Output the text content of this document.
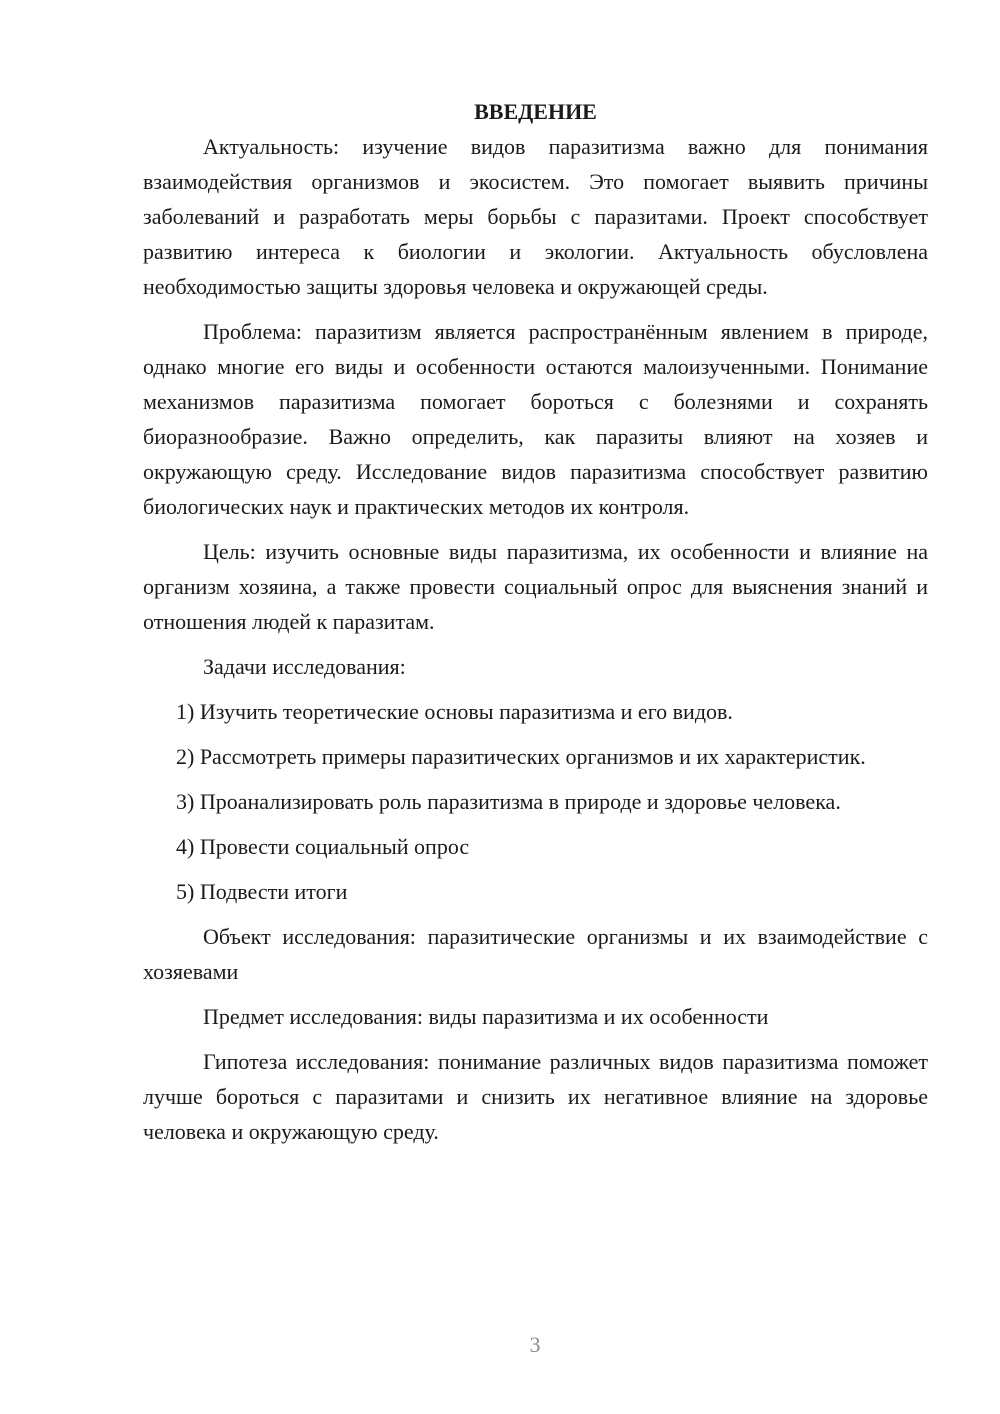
ВВЕДЕНИЕ

Актуальность: изучение видов паразитизма важно для понимания взаимодействия организмов и экосистем. Это помогает выявить причины заболеваний и разработать меры борьбы с паразитами. Проект способствует развитию интереса к биологии и экологии. Актуальность обусловлена необходимостью защиты здоровья человека и окружающей среды.

Проблема: паразитизм является распространённым явлением в природе, однако многие его виды и особенности остаются малоизученными. Понимание механизмов паразитизма помогает бороться с болезнями и сохранять биоразнообразие. Важно определить, как паразиты влияют на хозяев и окружающую среду. Исследование видов паразитизма способствует развитию биологических наук и практических методов их контроля.

Цель: изучить основные виды паразитизма, их особенности и влияние на организм хозяина, а также провести социальный опрос для выяснения знаний и отношения людей к паразитам.

Задачи исследования:

1) Изучить теоретические основы паразитизма и его видов.

2) Рассмотреть примеры паразитических организмов и их характеристик.

3) Проанализировать роль паразитизма в природе и здоровье человека.

4) Провести социальный опрос

5) Подвести итоги

Объект исследования: паразитические организмы и их взаимодействие с хозяевами

Предмет исследования: виды паразитизма и их особенности

Гипотеза исследования: понимание различных видов паразитизма поможет лучше бороться с паразитами и снизить их негативное влияние на здоровье человека и окружающую среду.

3
